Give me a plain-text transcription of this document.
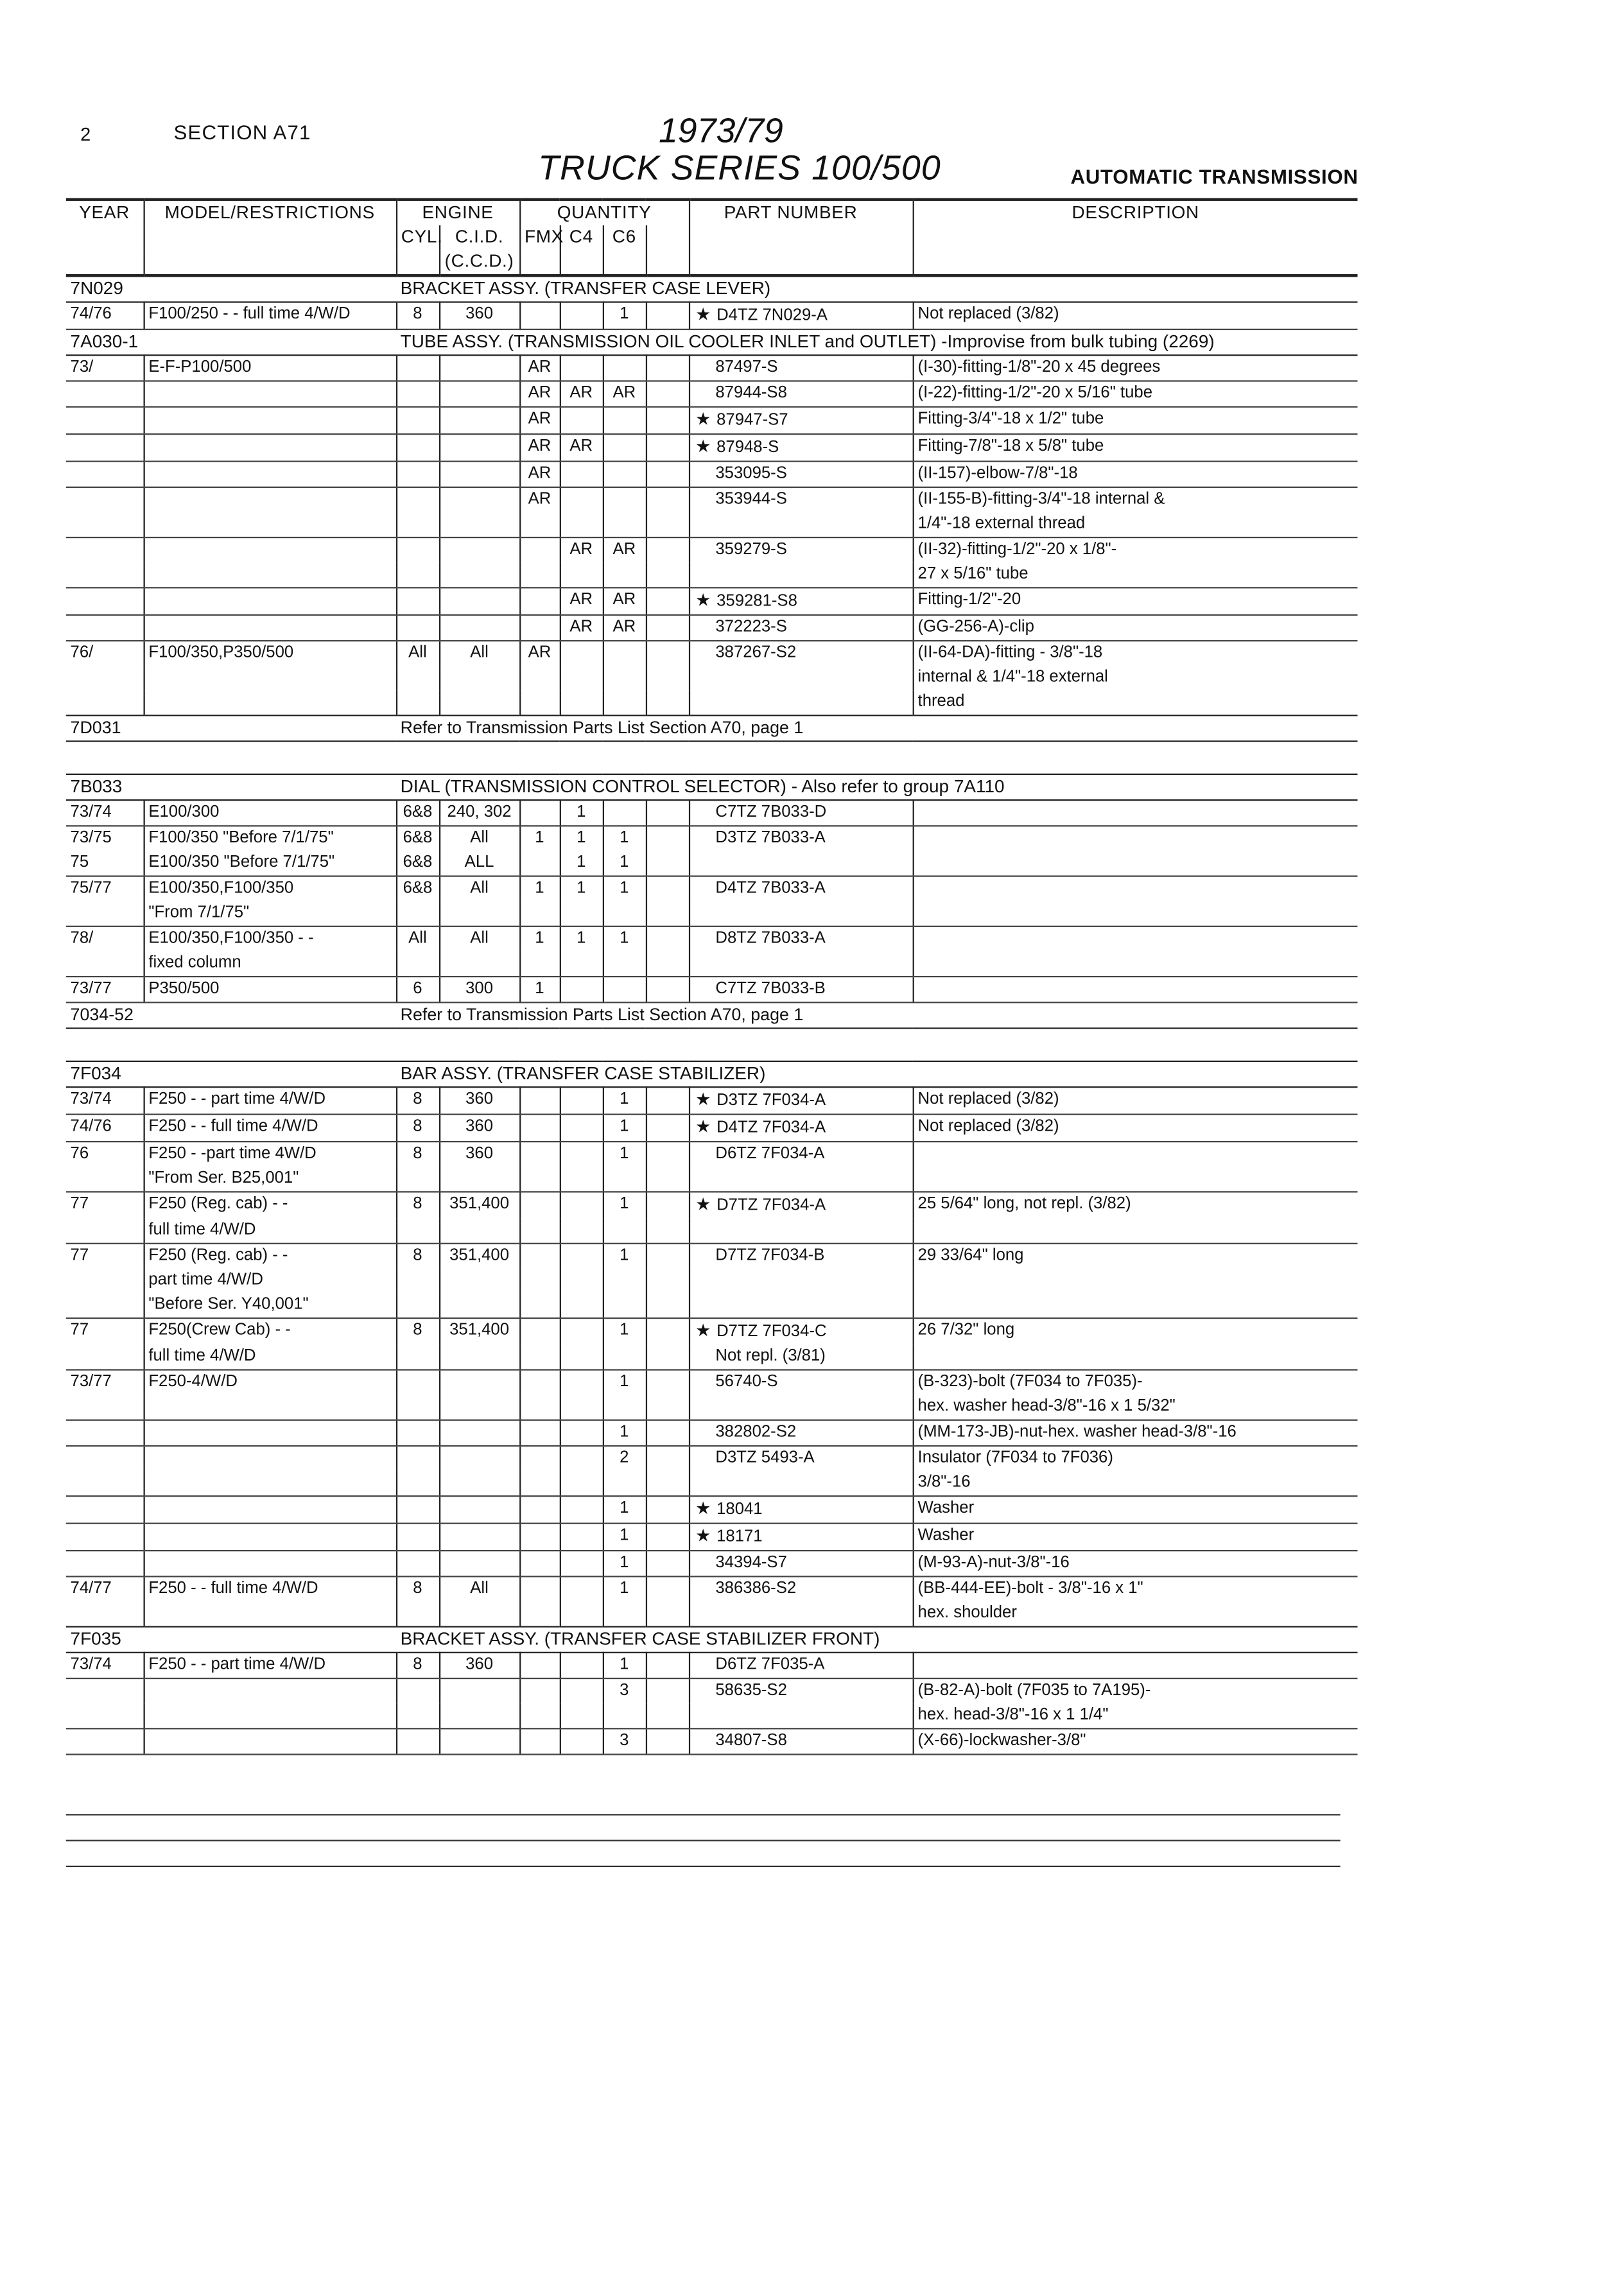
2	SECTION A71	1973/79
TRUCK SERIES 100/500	AUTOMATIC TRANSMISSION
YEAR	MODEL/RESTRICTIONS	ENGINE		QUANTITY				PART NUMBER	DESCRIPTION
		CYL.	C.I.D.	FMX	C4	C6			
			(C.C.D.)						
7N029		BRACKET ASSY. (TRANSFER CASE LEVER)							
74/76	F100/250 - - full time 4/W/D	8	360			1		★ D4TZ 7N029-A	Not replaced (3/82)
7A030-1		TUBE ASSY. (TRANSMISSION OIL COOLER INLET and OUTLET) -Improvise from bulk tubing (2269)							
73/	E-F-P100/500			AR				87497-S	(I-30)-fitting-1/8"-20 x 45 degrees
				AR	AR	AR		87944-S8	(I-22)-fitting-1/2"-20 x 5/16" tube
				AR				★ 87947-S7	Fitting-3/4"-18 x 1/2" tube
				AR	AR			★ 87948-S	Fitting-7/8"-18 x 5/8" tube
				AR				353095-S	(II-157)-elbow-7/8"-18
				AR				353944-S	(II-155-B)-fitting-3/4"-18 internal &
									1/4"-18 external thread
					AR	AR		359279-S	(II-32)-fitting-1/2"-20 x 1/8"-
									27 x 5/16" tube
					AR	AR		★ 359281-S8	Fitting-1/2"-20
					AR	AR		372223-S	(GG-256-A)-clip
76/	F100/350,P350/500	All	All	AR				387267-S2	(II-64-DA)-fitting - 3/8"-18
									internal & 1/4"-18 external
									thread
7D031		Refer to Transmission Parts List Section A70, page 1							

7B033		DIAL (TRANSMISSION CONTROL SELECTOR) - Also refer to group 7A110							
73/74	E100/300	6&8	240, 302		1			C7TZ 7B033-D	
73/75	F100/350 "Before 7/1/75"	6&8	All	1	1	1		D3TZ 7B033-A	
75	E100/350 "Before 7/1/75"	6&8	ALL		1	1			
75/77	E100/350,F100/350	6&8	All	1	1	1		D4TZ 7B033-A	
	"From 7/1/75"								
78/	E100/350,F100/350 - -	All	All	1	1	1		D8TZ 7B033-A	
	fixed column								
73/77	P350/500	6	300	1				C7TZ 7B033-B	
7034-52		Refer to Transmission Parts List Section A70, page 1							

7F034		BAR ASSY. (TRANSFER CASE STABILIZER)							
73/74	F250 - - part time 4/W/D	8	360			1		★ D3TZ 7F034-A	Not replaced (3/82)
74/76	F250 - - full time 4/W/D	8	360			1		★ D4TZ 7F034-A	Not replaced (3/82)
76	F250 - -part time 4W/D	8	360			1		D6TZ 7F034-A	
	"From Ser. B25,001"								
77	F250 (Reg. cab) - -	8	351,400			1		★ D7TZ 7F034-A	25 5/64" long, not repl. (3/82)
	full time 4/W/D								
77	F250 (Reg. cab) - -	8	351,400			1		D7TZ 7F034-B	29 33/64" long
	part time 4/W/D								
	"Before Ser. Y40,001"								
77	F250(Crew Cab) - -	8	351,400			1		★ D7TZ 7F034-C	26 7/32" long
	full time 4/W/D							Not repl. (3/81)	
73/77	F250-4/W/D					1		56740-S	(B-323)-bolt (7F034 to 7F035)-
									hex. washer head-3/8"-16 x 1 5/32"
						1		382802-S2	(MM-173-JB)-nut-hex. washer head-3/8"-16
						2		D3TZ 5493-A	Insulator (7F034 to 7F036)
									3/8"-16
						1		★ 18041	Washer
						1		★ 18171	Washer
						1		34394-S7	(M-93-A)-nut-3/8"-16
74/77	F250 - - full time 4/W/D	8	All			1		386386-S2	(BB-444-EE)-bolt - 3/8"-16 x 1"
									hex. shoulder
7F035		BRACKET ASSY. (TRANSFER CASE STABILIZER FRONT)							
73/74	F250 - - part time 4/W/D	8	360			1		D6TZ 7F035-A	
						3		58635-S2	(B-82-A)-bolt (7F035 to 7A195)-
									hex. head-3/8"-16 x 1 1/4"
						3		34807-S8	(X-66)-lockwasher-3/8"
